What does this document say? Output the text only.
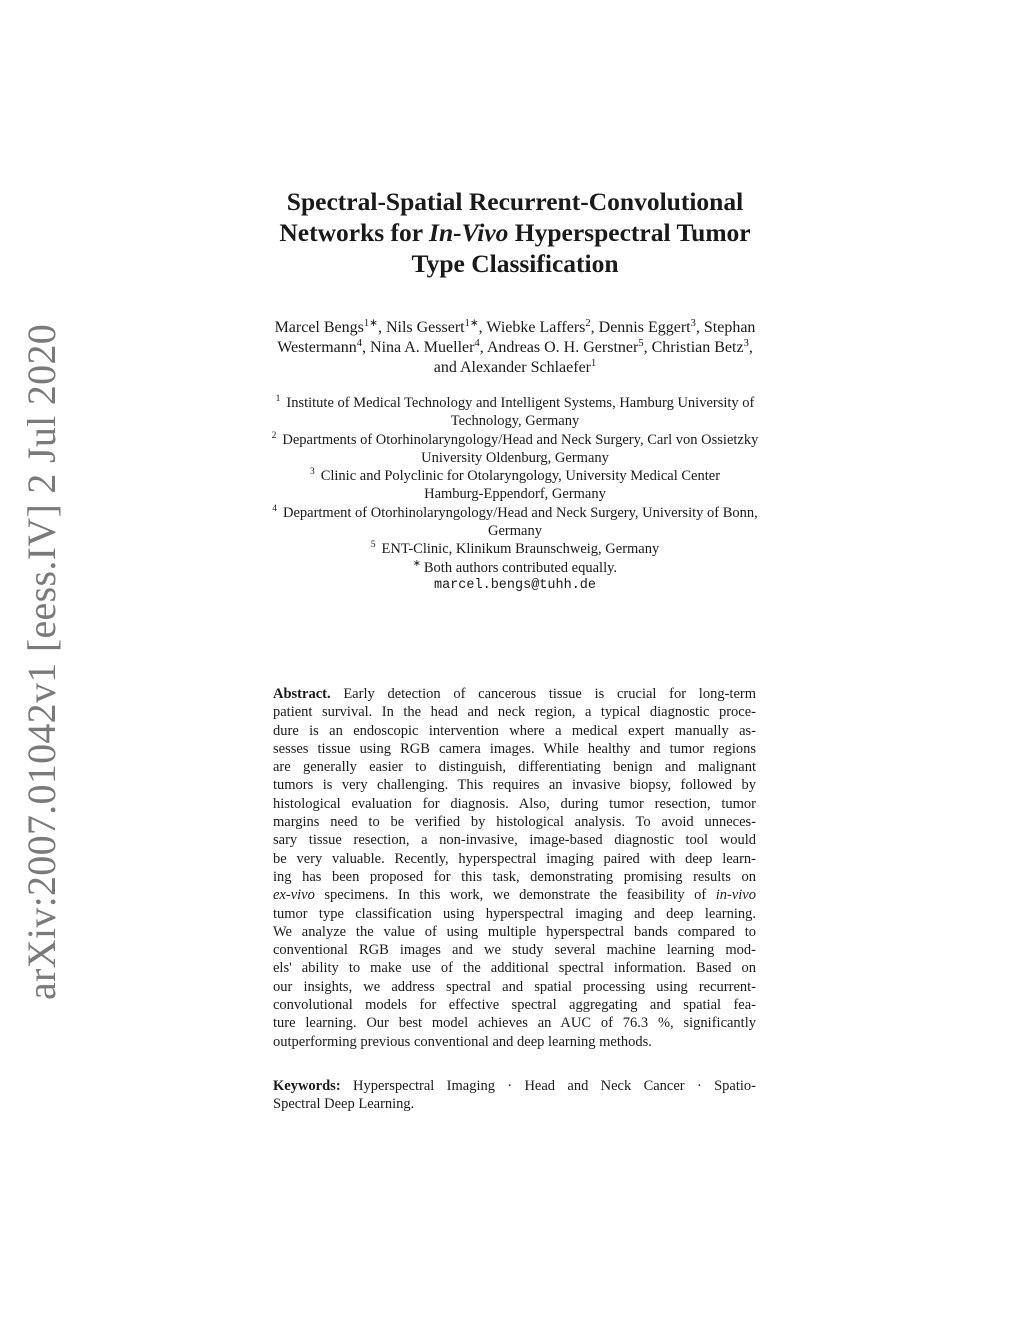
arXiv:2007.01042v1 [eess.IV] 2 Jul 2020
Spectral-Spatial Recurrent-Convolutional
Networks for In-Vivo Hyperspectral Tumor
Type Classification
Marcel Bengs$^{1∗}$, Nils Gessert$^{1∗}$, Wiebke Laffers$^2$, Dennis Eggert$^3$, Stephan
Westermann$^4$, Nina A. Mueller$^4$, Andreas O. H. Gerstner$^5$, Christian Betz$^3$,
and Alexander Schlaefer$^1$
$^1$ Institute of Medical Technology and Intelligent Systems, Hamburg University of
Technology, Germany
$^2$ Departments of Otorhinolaryngology/Head and Neck Surgery, Carl von Ossietzky
University Oldenburg, Germany
$^3$ Clinic and Polyclinic for Otolaryngology, University Medical Center
Hamburg-Eppendorf, Germany
$^4$ Department of Otorhinolaryngology/Head and Neck Surgery, University of Bonn,
Germany
$^5$ ENT-Clinic, Klinikum Braunschweig, Germany
∗ Both authors contributed equally.
marcel.bengs@tuhh.de
Abstract. Early detection of cancerous tissue is crucial for long-term
patient survival. In the head and neck region, a typical diagnostic proce-
dure is an endoscopic intervention where a medical expert manually as-
sesses tissue using RGB camera images. While healthy and tumor regions
are generally easier to distinguish, differentiating benign and malignant
tumors is very challenging. This requires an invasive biopsy, followed by
histological evaluation for diagnosis. Also, during tumor resection, tumor
margins need to be verified by histological analysis. To avoid unneces-
sary tissue resection, a non-invasive, image-based diagnostic tool would
be very valuable. Recently, hyperspectral imaging paired with deep learn-
ing has been proposed for this task, demonstrating promising results on
ex-vivo specimens. In this work, we demonstrate the feasibility of in-vivo
tumor type classification using hyperspectral imaging and deep learning.
We analyze the value of using multiple hyperspectral bands compared to
conventional RGB images and we study several machine learning mod-
els' ability to make use of the additional spectral information. Based on
our insights, we address spectral and spatial processing using recurrent-
convolutional models for effective spectral aggregating and spatial fea-
ture learning. Our best model achieves an AUC of 76.3 %, significantly
outperforming previous conventional and deep learning methods.
Keywords: Hyperspectral Imaging · Head and Neck Cancer · Spatio-
Spectral Deep Learning.
